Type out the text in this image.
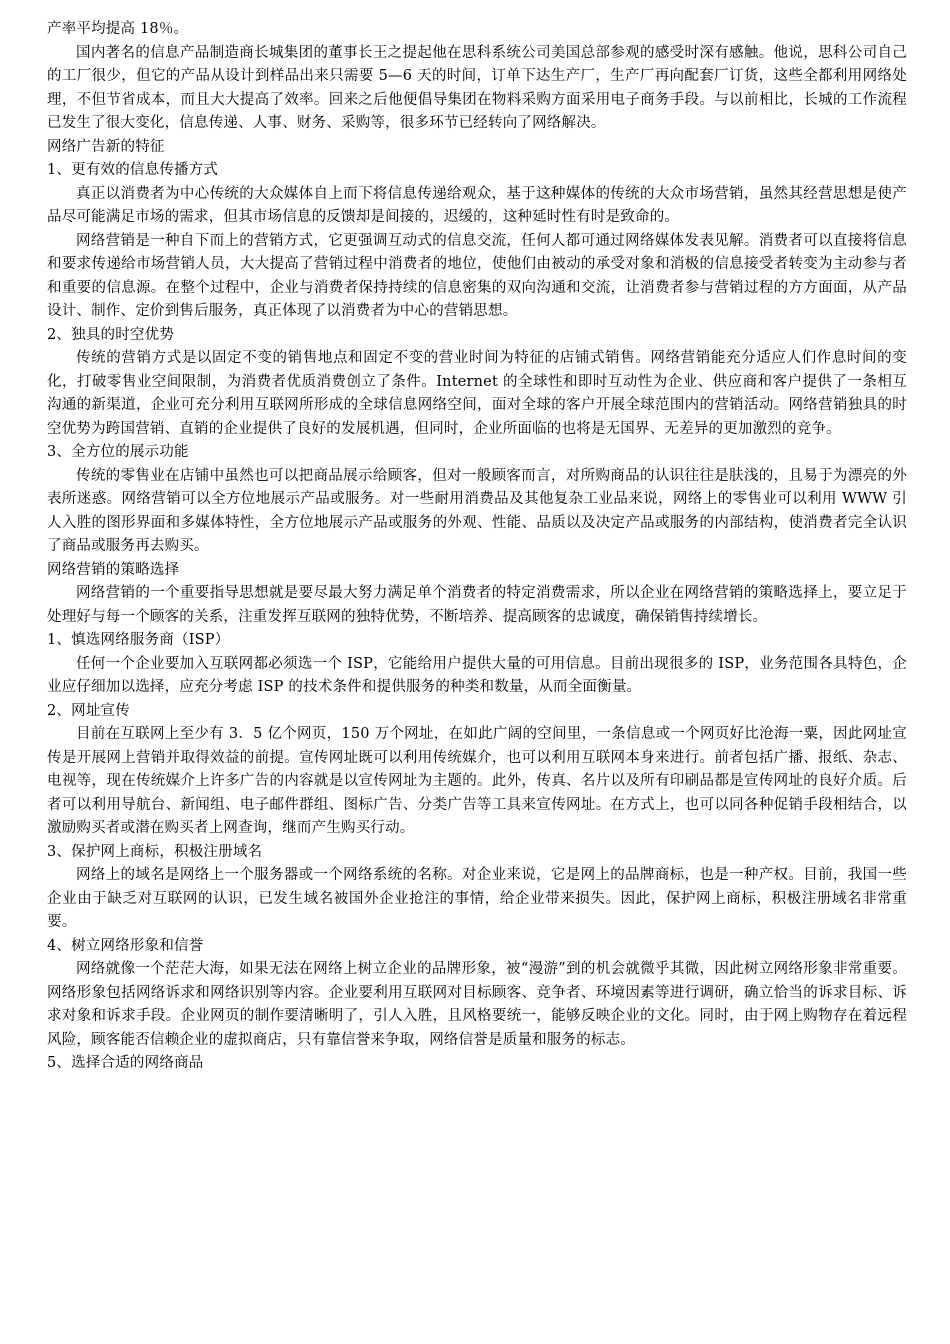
产率平均提高 18％。

国内著名的信息产品制造商长城集团的董事长王之提起他在思科系统公司美国总部参观的感受时深有感触。他说，思科公司自己的工厂很少，但它的产品从设计到样品出来只需要 5—6 天的时间，订单下达生产厂，生产厂再向配套厂订货，这些全都利用网络处理，不但节省成本，而且大大提高了效率。回来之后他便倡导集团在物料采购方面采用电子商务手段。与以前相比，长城的工作流程已发生了很大变化，信息传递、人事、财务、采购等，很多环节已经转向了网络解决。

网络广告新的特征

1、更有效的信息传播方式

真正以消费者为中心传统的大众媒体自上而下将信息传递给观众，基于这种媒体的传统的大众市场营销，虽然其经营思想是使产品尽可能满足市场的需求，但其市场信息的反馈却是间接的，迟缓的，这种延时性有时是致命的。

网络营销是一种自下而上的营销方式，它更强调互动式的信息交流，任何人都可通过网络媒体发表见解。消费者可以直接将信息和要求传递给市场营销人员，大大提高了营销过程中消费者的地位，使他们由被动的承受对象和消极的信息接受者转变为主动参与者和重要的信息源。在整个过程中，企业与消费者保持持续的信息密集的双向沟通和交流，让消费者参与营销过程的方方面面，从产品设计、制作、定价到售后服务，真正体现了以消费者为中心的营销思想。

2、独具的时空优势

传统的营销方式是以固定不变的销售地点和固定不变的营业时间为特征的店铺式销售。网络营销能充分适应人们作息时间的变化，打破零售业空间限制，为消费者优质消费创立了条件。Internet 的全球性和即时互动性为企业、供应商和客户提供了一条相互沟通的新渠道，企业可充分利用互联网所形成的全球信息网络空间，面对全球的客户开展全球范围内的营销活动。网络营销独具的时空优势为跨国营销、直销的企业提供了良好的发展机遇，但同时，企业所面临的也将是无国界、无差异的更加激烈的竞争。

3、全方位的展示功能

传统的零售业在店铺中虽然也可以把商品展示给顾客，但对一般顾客而言，对所购商品的认识往往是肤浅的，且易于为漂亮的外表所迷惑。网络营销可以全方位地展示产品或服务。对一些耐用消费品及其他复杂工业品来说，网络上的零售业可以利用 WWW 引人入胜的图形界面和多媒体特性，全方位地展示产品或服务的外观、性能、品质以及决定产品或服务的内部结构，使消费者完全认识了商品或服务再去购买。

网络营销的策略选择

网络营销的一个重要指导思想就是要尽最大努力满足单个消费者的特定消费需求，所以企业在网络营销的策略选择上，要立足于处理好与每一个顾客的关系，注重发挥互联网的独特优势，不断培养、提高顾客的忠诚度，确保销售持续增长。

1、慎选网络服务商（ISP）

任何一个企业要加入互联网都必须选一个 ISP，它能给用户提供大量的可用信息。目前出现很多的 ISP，业务范围各具特色，企业应仔细加以选择，应充分考虑 ISP 的技术条件和提供服务的种类和数量，从而全面衡量。

2、网址宣传

目前在互联网上至少有 3．5 亿个网页，150 万个网址，在如此广阔的空间里，一条信息或一个网页好比沧海一粟，因此网址宣传是开展网上营销并取得效益的前提。宣传网址既可以利用传统媒介，也可以利用互联网本身来进行。前者包括广播、报纸、杂志、电视等，现在传统媒介上许多广告的内容就是以宣传网址为主题的。此外，传真、名片以及所有印刷品都是宣传网址的良好介质。后者可以利用导航台、新闻组、电子邮件群组、图标广告、分类广告等工具来宣传网址。在方式上，也可以同各种促销手段相结合，以激励购买者或潜在购买者上网查询，继而产生购买行动。

3、保护网上商标，积极注册域名

网络上的域名是网络上一个服务器或一个网络系统的名称。对企业来说，它是网上的品牌商标，也是一种产权。目前，我国一些企业由于缺乏对互联网的认识，已发生域名被国外企业抢注的事情，给企业带来损失。因此，保护网上商标，积极注册域名非常重要。

4、树立网络形象和信誉

网络就像一个茫茫大海，如果无法在网络上树立企业的品牌形象，被“漫游”到的机会就微乎其微，因此树立网络形象非常重要。网络形象包括网络诉求和网络识别等内容。企业要利用互联网对目标顾客、竞争者、环境因素等进行调研，确立恰当的诉求目标、诉求对象和诉求手段。企业网页的制作要清晰明了，引人入胜，且风格要统一，能够反映企业的文化。同时，由于网上购物存在着远程风险，顾客能否信赖企业的虚拟商店，只有靠信誉来争取，网络信誉是质量和服务的标志。

5、选择合适的网络商品
